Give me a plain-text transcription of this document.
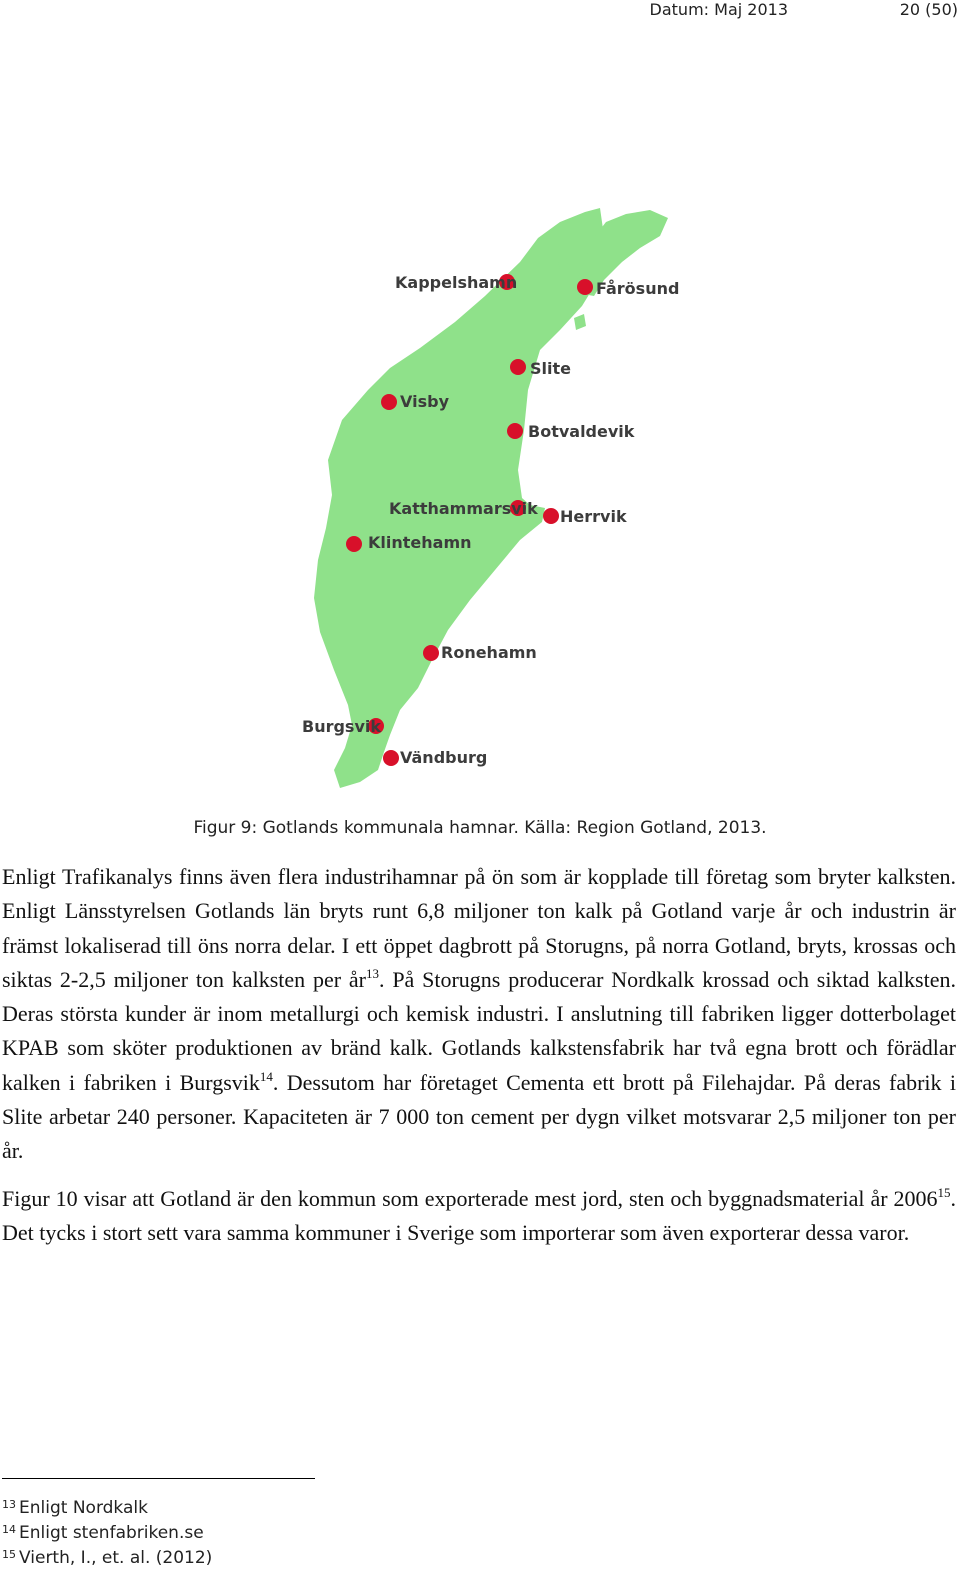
Datum: Maj 2013	20 (50)
Kappelshamn	Fårösund
Slite
Visby
Botvaldevik
Katthammarsvik Herrvik
Klintehamn
Ronehamn
Burgsvik
Vändburg
Figur 9: Gotlands kommunala hamnar. Källa: Region Gotland, 2013.

Enligt Trafikanalys finns även flera industrihamnar på ön som är kopplade till företag som bryter kalksten. Enligt Länsstyrelsen Gotlands län bryts runt 6,8 miljoner ton kalk på Gotland varje år och industrin är främst lokaliserad till öns norra delar. I ett öppet dagbrott på Storugns, på norra Gotland, bryts, krossas och siktas 2-2,5 miljoner ton kalksten per $år^{13}$. På Storugns producerar Nordkalk krossad och siktad kalksten. Deras största kunder är inom metallurgi och kemisk industri. I anslutning till fabriken ligger dotterbolaget KPAB som sköter produktionen av bränd kalk. Gotlands kalkstensfabrik har två egna brott och förädlar kalken i fabriken i Burgsvik$^{14}$. Dessutom har företaget Cementa ett brott på Filehajdar. På deras fabrik i Slite arbetar 240 personer. Kapaciteten är 7 000 ton cement per dygn vilket motsvarar 2,5 miljoner ton per år.

Figur 10 visar att Gotland är den kommun som exporterade mest jord, sten och byggnadsmaterial år 2006$^{15}$. Det tycks i stort sett vara samma kommuner i Sverige som importerar som även exporterar dessa varor.

$^{13}$ Enligt Nordkalk
$^{14}$ Enligt stenfabriken.se
$^{15}$ Vierth, I., et. al. (2012)
